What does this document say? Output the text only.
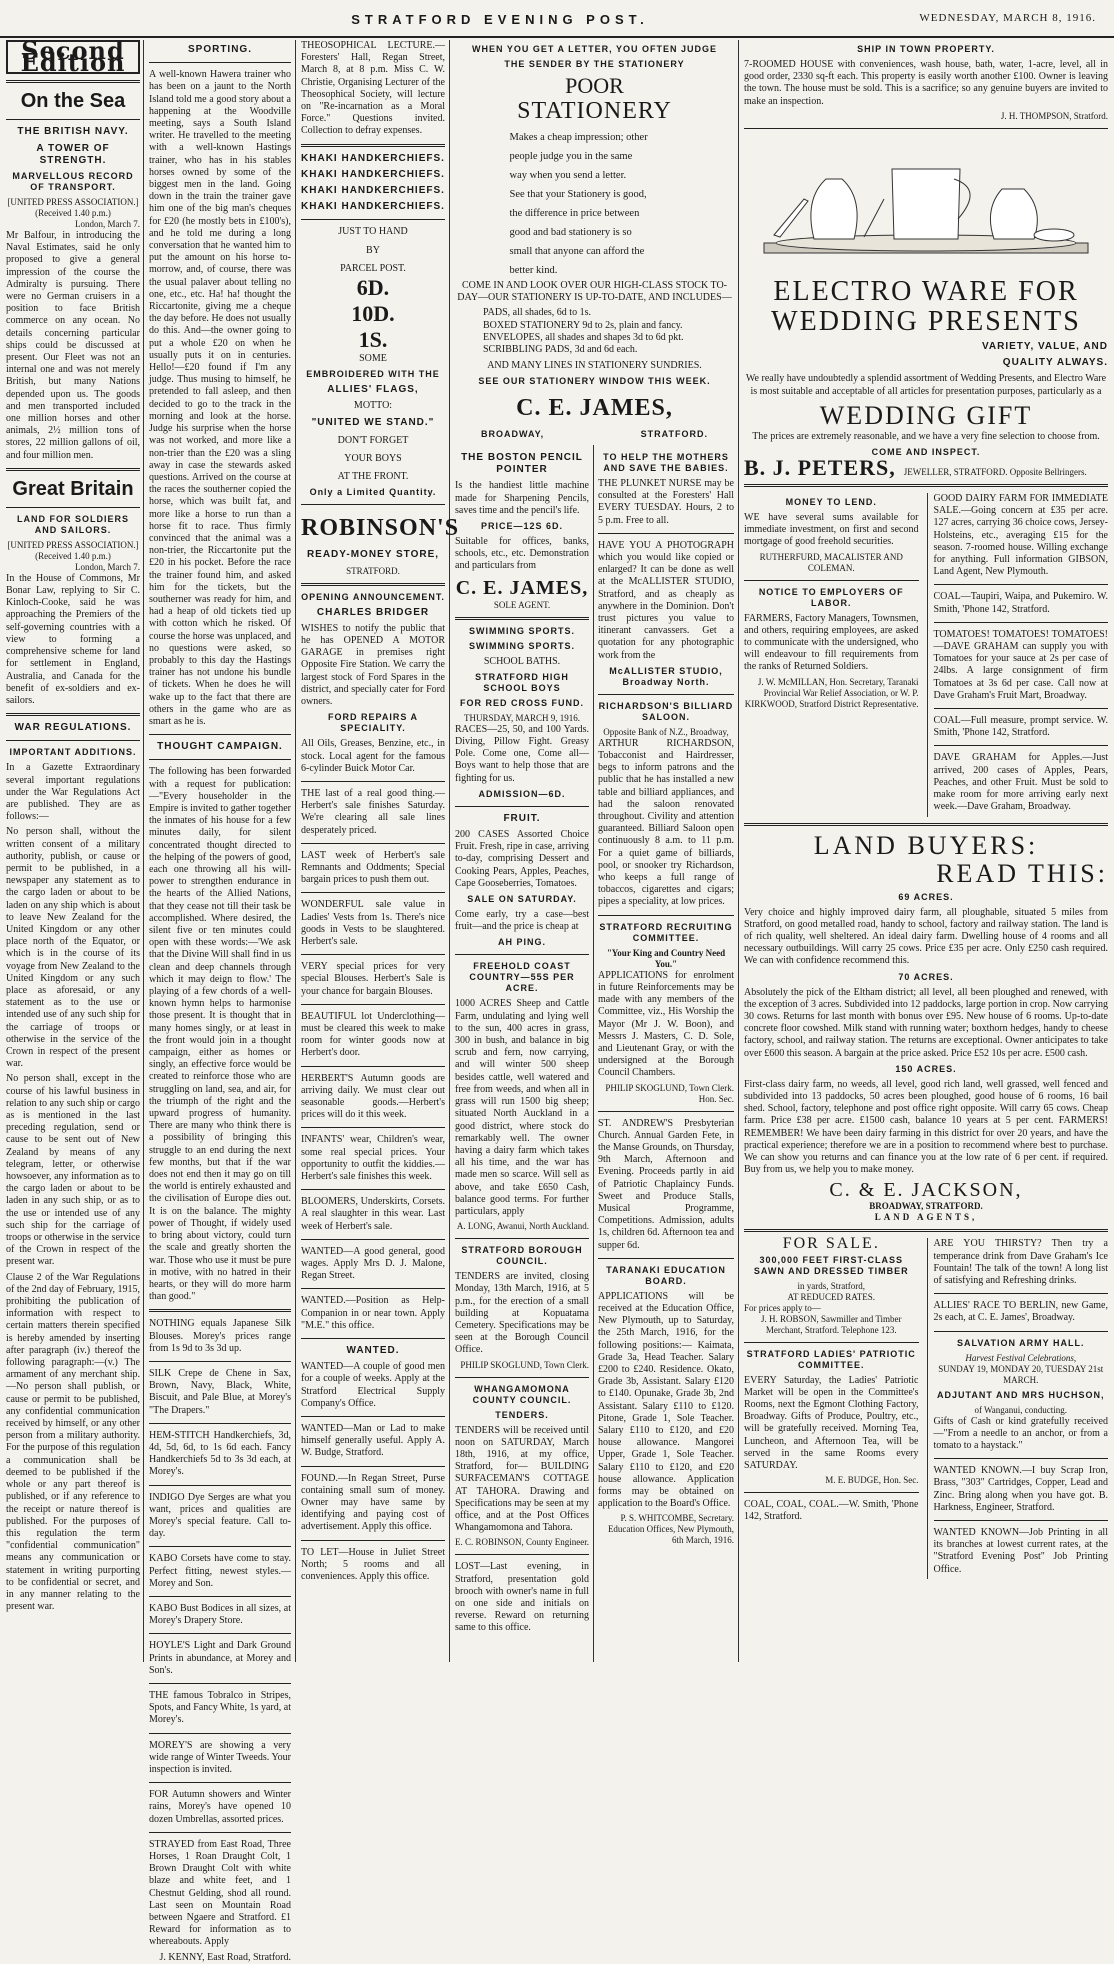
STRATFORD EVENING POST.	WEDNESDAY, MARCH 8, 1916.
Second Edition
On the Sea
THE BRITISH NAVY.
A TOWER OF STRENGTH.
MARVELLOUS RECORD OF TRANSPORT.
[UNITED PRESS ASSOCIATION.]
(Received 1.40 p.m.)
London, March 7.

Mr Balfour, in introducing the Naval Estimates, said he only proposed to give a general impression of the course the Admiralty is pursuing. There were no German cruisers in a position to face British commerce on any ocean. No details concerning particular ships could be discussed at present. Our Fleet was not an internal one and was not merely British, but many Nations depended upon us. The goods and men transported included one million horses and other animals, 2½ million tons of stores, 22 million gallons of oil, and four million men.

Great Britain
LAND FOR SOLDIERS AND SAILORS.
[UNITED PRESS ASSOCIATION.]
(Received 1.40 p.m.)
London, March 7.

In the House of Commons, Mr Bonar Law, replying to Sir C. Kinloch-Cooke, said he was approaching the Premiers of the self-governing countries with a view to forming a comprehensive scheme for land for settlement in England, Australia, and Canada for the benefit of ex-soldiers and ex-sailors.

WAR REGULATIONS.
IMPORTANT ADDITIONS.

In a Gazette Extraordinary several important regulations under the War Regulations Act are published. They are as follows:—

No person shall, without the written consent of a military authority, publish, or cause or permit to be published, in a newspaper any statement as to the cargo laden or about to be laden on any ship which is about to leave New Zealand for the United Kingdom or any other place north of the Equator, or which is in the course of its voyage from New Zealand to the United Kingdom or any such place as aforesaid, or any statement as to the use or intended use of any such ship for the carriage of troops or otherwise in the service of the Crown in respect of the present war.

No person shall, except in the course of his lawful business in relation to any such ship or cargo as is mentioned in the last preceding regulation, send or cause to be sent out of New Zealand by means of any telegram, letter, or otherwise howsoever, any information as to the cargo laden or about to be laden in any such ship, or as to the use or intended use of any such ship for the carriage of troops or otherwise in the service of the Crown in respect of the present war.

Clause 2 of the War Regulations of the 2nd day of February, 1915, prohibiting the publication of information with respect to certain matters therein specified is hereby amended by inserting after paragraph (iv.) thereof the following paragraph:—(v.) The armament of any merchant ship.—No person shall publish, or cause or permit to be published, any confidential communication received by himself, or any other person from a military authority. For the purpose of this regulation a communication shall be deemed to be published if the whole or any part thereof is published, or if any reference to the receipt or nature thereof is published. For the purposes of this regulation the term "confidential communication" means any communication or statement in writing purporting to be confidential or secret, and in any manner relating to the present war.

SPORTING.

A well-known Hawera trainer who has been on a jaunt to the North Island told me a good story about a happening at the Woodville meeting, says a South Island writer. He travelled to the meeting with a well-known Hastings trainer, who has in his stables horses owned by some of the biggest men in the land. Going down in the train the trainer gave him one of the big man's cheques for £20 (he mostly bets in £100's), and he told me during a long conversation that he wanted him to put the amount on his horse to-morrow, and, of course, there was the usual palaver about telling no one, etc., etc. Ha! ha! thought the Riccartonite, giving me a cheque the day before. He does not usually do this. And—the owner going to put a whole £20 on when he usually puts it on in centuries. Hello!—£20 found if I'm any judge. Thus musing to himself, he pretended to fall asleep, and then decided to go to the track in the morning and look at the horse. Judge his surprise when the horse was not worked, and more like a non-trier than the £20 was a sling away in case the stewards asked questions. Arrived on the course at the races the southerner copied the horse, which was built fat, and more like a horse to run than a horse fit to race. Thus firmly convinced that the animal was a non-trier, the Riccartonite put the £20 in his pocket. Before the race the trainer found him, and asked him for the tickets, but the southerner was ready for him, and had a heap of old tickets tied up with cotton which he risked. Of course the horse was unplaced, and no questions were asked, so probably to this day the Hastings trainer has not undone his bundle of tickets. When he does he will wake up to the fact that there are others in the game who are as smart as he is.

THOUGHT CAMPAIGN.

The following has been forwarded with a request for publication:—"Every householder in the Empire is invited to gather together the inmates of his house for a few minutes daily, for silent concentrated thought directed to the helping of the powers of good, each one throwing all his will-power to strengthen endurance in the hearts of the Allied Nations, that they cease not till their task be accomplished. Where desired, the silent five or ten minutes could open with these words:—'We ask that the Divine Will shall find in us clean and deep channels through which it may deign to flow.' The playing of a few chords of a well-known hymn helps to harmonise those present. It is thought that in many homes singly, or at least in the front would join in a thought campaign, either as homes or singly, an effective force would be created to reinforce those who are struggling on land, sea, and air, for the triumph of the right and the upward progress of humanity. There are many who think there is a possibility of bringing this struggle to an end during the next few months, but that if the war does not end then it may go on till the world is entirely exhausted and the civilisation of Europe dies out. It is on the balance. The mighty power of Thought, if widely used to bring about victory, could turn the scale and greatly shorten the war. Those who use it must be pure in motive, with no hatred in their hearts, or they will do more harm than good."

NOTHING equals Japanese Silk Blouses. Morey's prices range from 1s 9d to 3s 3d up.

SILK Crepe de Chene in Sax, Brown, Navy, Black, White, Biscuit, and Pale Blue, at Morey's "The Drapers."

HEM-STITCH Handkerchiefs, 3d, 4d, 5d, 6d, to 1s 6d each. Fancy Handkerchiefs 5d to 3s 3d each, at Morey's.

INDIGO Dye Serges are what you want, prices and qualities are Morey's special feature. Call to-day.

KABO Corsets have come to stay. Perfect fitting, newest styles.—Morey and Son.

KABO Bust Bodices in all sizes, at Morey's Drapery Store.

HOYLE'S Light and Dark Ground Prints in abundance, at Morey and Son's.

THE famous Tobralco in Stripes, Spots, and Fancy White, 1s yard, at Morey's.

MOREY'S are showing a very wide range of Winter Tweeds. Your inspection is invited.

FOR Autumn showers and Winter rains, Morey's have opened 10 dozen Umbrellas, assorted prices.

STRAYED from East Road, Three Horses, 1 Roan Draught Colt, 1 Brown Draught Colt with white blaze and white feet, and 1 Chestnut Gelding, shod all round. Last seen on Mountain Road between Ngaere and Stratford. £1 Reward for information as to whereabouts. Apply

J. KENNY, East Road, Stratford.

THEOSOPHICAL LECTURE.—Foresters' Hall, Regan Street, March 8, at 8 p.m. Miss C. W. Christie, Organising Lecturer of the Theosophical Society, will lecture on "Re-incarnation as a Moral Force." Questions invited. Collection to defray expenses.

KHAKI HANDKERCHIEFS.
KHAKI HANDKERCHIEFS.
KHAKI HANDKERCHIEFS.
KHAKI HANDKERCHIEFS.
JUST TO HAND
BY
PARCEL POST.
6D.
10D.
1S.
SOME
EMBROIDERED WITH THE
ALLIES' FLAGS,
MOTTO:
"UNITED WE STAND."
DON'T FORGET
YOUR BOYS
AT THE FRONT.
Only a Limited Quantity.
ROBINSON'S
READY-MONEY STORE,
STRATFORD.
OPENING ANNOUNCEMENT.
CHARLES BRIDGER

WISHES to notify the public that he has OPENED A MOTOR GARAGE in premises right Opposite Fire Station. We carry the largest stock of Ford Spares in the district, and specially cater for Ford owners.

FORD REPAIRS A SPECIALITY.

All Oils, Greases, Benzine, etc., in stock. Local agent for the famous 6-cylinder Buick Motor Car.

THE last of a real good thing.—Herbert's sale finishes Saturday. We're clearing all sale lines desperately priced.

LAST week of Herbert's sale Remnants and Oddments; Special bargain prices to push them out.

WONDERFUL sale value in Ladies' Vests from 1s. There's nice goods in Vests to be slaughtered. Herbert's sale.

VERY special prices for very special Blouses. Herbert's Sale is your chance for bargain Blouses.

BEAUTIFUL lot Underclothing—must be cleared this week to make room for winter goods now at Herbert's door.

HERBERT'S Autumn goods are arriving daily. We must clear out seasonable goods.—Herbert's prices will do it this week.

INFANTS' wear, Children's wear, some real special prices. Your opportunity to outfit the kiddies.—Herbert's sale finishes this week.

BLOOMERS, Underskirts, Corsets. A real slaughter in this wear. Last week of Herbert's sale.

WANTED—A good general, good wages. Apply Mrs D. J. Malone, Regan Street.

WANTED.—Position as Help-Companion in or near town. Apply "M.E." this office.

WANTED.

WANTED—A couple of good men for a couple of weeks. Apply at the Stratford Electrical Supply Company's Office.

WANTED—Man or Lad to make himself generally useful. Apply A. W. Budge, Stratford.

FOUND.—In Regan Street, Purse containing small sum of money. Owner may have same by identifying and paying cost of advertisement. Apply this office.

TO LET—House in Juliet Street North; 5 rooms and all conveniences. Apply this office.

WHEN YOU GET A LETTER, YOU OFTEN JUDGE
THE SENDER BY THE STATIONERY
POOR
STATIONERY
Makes a cheap impression; other
people judge you in the same
way when you send a letter.
See that your Stationery is good,
the difference in price between
good and bad stationery is so
small that anyone can afford the
better kind.

COME IN AND LOOK OVER OUR HIGH-CLASS STOCK TO-DAY—OUR STATIONERY IS UP-TO-DATE, AND INCLUDES—

PADS, all shades, 6d to 1s.
BOXED STATIONERY 9d to 2s, plain and fancy.
ENVELOPES, all shades and shapes 3d to 6d pkt.
SCRIBBLING PADS, 3d and 6d each.
AND MANY LINES IN STATIONERY SUNDRIES.
SEE OUR STATIONERY WINDOW THIS WEEK.
C. E. JAMES,
BROADWAY,	STRATFORD.
THE BOSTON PENCIL POINTER

Is the handiest little machine made for Sharpening Pencils, saves time and the pencil's life.

PRICE—12S 6D.

Suitable for offices, banks, schools, etc., etc. Demonstration and particulars from

C. E. JAMES,
SOLE AGENT.
SWIMMING SPORTS.
SWIMMING SPORTS.
SCHOOL BATHS.
STRATFORD HIGH SCHOOL BOYS
FOR RED CROSS FUND.
THURSDAY, MARCH 9, 1916.

RACES—25, 50, and 100 Yards. Diving, Pillow Fight. Greasy Pole. Come one, Come all—Boys want to help those that are fighting for us.

ADMISSION—6D.
FRUIT.

200 CASES Assorted Choice Fruit. Fresh, ripe in case, arriving to-day, comprising Dessert and Cooking Pears, Apples, Peaches, Cape Gooseberries, Tomatoes.

SALE ON SATURDAY.

Come early, try a case—best fruit—and the price is cheap at

AH PING.
FREEHOLD COAST COUNTRY—55S PER ACRE.

1000 ACRES Sheep and Cattle Farm, undulating and lying well to the sun, 400 acres in grass, 300 in bush, and balance in big scrub and fern, now carrying, and will winter 500 sheep besides cattle, well watered and free from weeds, and when all in grass will run 1500 big sheep; situated North Auckland in a good district, where stock do remarkably well. The owner having a dairy farm which takes all his time, and the war has made men so scarce. Will sell as above, and take £650 Cash, balance good terms. For further particulars, apply

A. LONG, Awanui, North Auckland.
STRATFORD BOROUGH COUNCIL.

TENDERS are invited, closing Monday, 13th March, 1916, at 5 p.m., for the erection of a small building at Kopuatama Cemetery. Specifications may be seen at the Borough Council Office.

PHILIP SKOGLUND, Town Clerk.
WHANGAMOMONA COUNTY COUNCIL.
TENDERS.

TENDERS will be received until noon on SATURDAY, March 18th, 1916, at my office, Stratford, for— BUILDING SURFACEMAN'S COTTAGE AT TAHORA. Drawing and Specifications may be seen at my office, and at the Post Offices Whangamomona and Tahora.

E. C. ROBINSON, County Engineer.

LOST—Last evening, in Stratford, presentation gold brooch with owner's name in full on one side and initials on reverse. Reward on returning same to this office.

TO HELP THE MOTHERS AND SAVE THE BABIES.

THE PLUNKET NURSE may be consulted at the Foresters' Hall EVERY TUESDAY. Hours, 2 to 5 p.m. Free to all.

HAVE YOU A PHOTOGRAPH which you would like copied or enlarged? It can be done as well at the McALLISTER STUDIO, Stratford, and as cheaply as anywhere in the Dominion. Don't trust pictures you value to itinerant canvassers. Get a quotation for any photographic work from the

McALLISTER STUDIO, Broadway North.
RICHARDSON'S BILLIARD SALOON.
Opposite Bank of N.Z., Broadway,

ARTHUR RICHARDSON, Tobacconist and Hairdresser, begs to inform patrons and the public that he has installed a new table and billiard appliances, and had the saloon renovated throughout. Civility and attention guaranteed. Billiard Saloon open continuously 8 a.m. to 11 p.m. For a quiet game of billiards, pool, or snooker try Richardson, who keeps a full range of tobaccos, cigarettes and cigars; pipes a speciality, at low prices.

STRATFORD RECRUITING COMMITTEE.
"Your King and Country Need You."

APPLICATIONS for enrolment in future Reinforcements may be made with any members of the Committee, viz., His Worship the Mayor (Mr J. W. Boon), and Messrs J. Masters, C. D. Sole, and Lieutenant Gray, or with the undersigned at the Borough Council Chambers.

PHILIP SKOGLUND, Town Clerk. Hon. Sec.

ST. ANDREW'S Presbyterian Church. Annual Garden Fete, in the Manse Grounds, on Thursday, 9th March, Afternoon and Evening. Proceeds partly in aid of Patriotic Chaplaincy Funds. Sweet and Produce Stalls, Musical Programme, Competitions. Admission, adults 1s, children 6d. Afternoon tea and supper 6d.

TARANAKI EDUCATION BOARD.

APPLICATIONS will be received at the Education Office, New Plymouth, up to Saturday, the 25th March, 1916, for the following positions:— Kaimata, Grade 3a, Head Teacher. Salary £200 to £240. Residence. Okato, Grade 3b, Assistant. Salary £120 to £140. Opunake, Grade 3b, 2nd Assistant. Salary £110 to £120. Pitone, Grade 1, Sole Teacher. Salary £110 to £120, and £20 house allowance. Mangorei Upper, Grade 1, Sole Teacher. Salary £110 to £120, and £20 house allowance. Application forms may be obtained on application to the Board's Office.

P. S. WHITCOMBE, Secretary. Education Offices, New Plymouth, 6th March, 1916.
SHIP IN TOWN PROPERTY.

7-ROOMED HOUSE with conveniences, wash house, bath, water, 1-acre, level, all in good order, 2330 sq-ft each. This property is easily worth another £100. Owner is leaving the town. The house must be sold. This is a sacrifice; so any genuine buyers are invited to make an inspection.

J. H. THOMPSON, Stratford.
ELECTRO WARE FOR
WEDDING PRESENTS
VARIETY, VALUE, AND
QUALITY ALWAYS.

We really have undoubtedly a splendid assortment of Wedding Presents, and Electro Ware is most suitable and acceptable of all articles for presentation purposes, particularly as a

WEDDING GIFT

The prices are extremely reasonable, and we have a very fine selection to choose from.

COME AND INSPECT.
B. J. PETERS, JEWELLER, STRATFORD. Opposite Bellringers.
MONEY TO LEND.

WE have several sums available for immediate investment, on first and second mortgage of good freehold securities.

RUTHERFURD, MACALISTER AND COLEMAN.
NOTICE TO EMPLOYERS OF LABOR.

FARMERS, Factory Managers, Townsmen, and others, requiring employees, are asked to communicate with the undersigned, who will endeavour to fill requirements from the ranks of Returned Soldiers.

J. W. McMILLAN, Hon. Secretary, Taranaki Provincial War Relief Association, or W. P. KIRKWOOD, Stratford District Representative.

GOOD DAIRY FARM FOR IMMEDIATE SALE.—Going concern at £35 per acre. 127 acres, carrying 36 choice cows, Jersey-Holsteins, etc., averaging £15 for the season. 7-roomed house. Willing exchange for anything. Full information GIBSON, Land Agent, New Plymouth.

COAL—Taupiri, Waipa, and Pukemiro. W. Smith, 'Phone 142, Stratford.

TOMATOES! TOMATOES! TOMATOES!—DAVE GRAHAM can supply you with Tomatoes for your sauce at 2s per case of 24lbs. A large consignment of firm Tomatoes at 3s 6d per case. Call now at Dave Graham's Fruit Mart, Broadway.

COAL—Full measure, prompt service. W. Smith, 'Phone 142, Stratford.

DAVE GRAHAM for Apples.—Just arrived, 200 cases of Apples, Pears, Peaches, and other Fruit. Must be sold to make room for more arriving early next week.—Dave Graham, Broadway.

LAND BUYERS:
READ THIS:
69 ACRES.

Very choice and highly improved dairy farm, all ploughable, situated 5 miles from Stratford, on good metalled road, handy to school, factory and railway station. The land is of rich quality, well sheltered. An ideal dairy farm. Dwelling house of 4 rooms and all necessary outbuildings. Will carry 25 cows. Price £35 per acre. Only £250 cash required. We can with confidence recommend this.

70 ACRES.

Absolutely the pick of the Eltham district; all level, all been ploughed and renewed, with the exception of 3 acres. Subdivided into 12 paddocks, large portion in crop. Now carrying 30 cows. Returns for last month with bonus over £95. New house of 6 rooms. Up-to-date concrete floor cowshed. Milk stand with running water; boxthorn hedges, handy to cheese factory, school, and railway station. The returns are exceptional. Owner anticipates to take over £600 this season. A bargain at the price asked. Price £52 10s per acre. £500 cash.

150 ACRES.

First-class dairy farm, no weeds, all level, good rich land, well grassed, well fenced and subdivided into 13 paddocks, 50 acres been ploughed, good house of 6 rooms, 16 bail shed. School, factory, telephone and post office right opposite. Will carry 65 cows. Cheap farm. Price £38 per acre. £1500 cash, balance 10 years at 5 per cent. FARMERS! REMEMBER! We have been dairy farming in this district for over 20 years, and have the practical experience; therefore we are in a position to recommend where best to purchase. We can show you returns and can finance you at the low rate of 6 per cent. if required. Buy from us, we help you to make money.

C. & E. JACKSON,
BROADWAY, STRATFORD.
LAND AGENTS,
FOR SALE.
300,000 FEET FIRST-CLASS SAWN AND DRESSED TIMBER
in yards, Stratford,
AT REDUCED RATES.
For prices apply to—
J. H. ROBSON, Sawmiller and Timber Merchant, Stratford. Telephone 123.
STRATFORD LADIES' PATRIOTIC COMMITTEE.

EVERY Saturday, the Ladies' Patriotic Market will be open in the Committee's Rooms, next the Egmont Clothing Factory, Broadway. Gifts of Produce, Poultry, etc., will be gratefully received. Morning Tea, Luncheon, and Afternoon Tea, will be served in the same Rooms every SATURDAY.

M. E. BUDGE, Hon. Sec.

COAL, COAL, COAL.—W. Smith, 'Phone 142, Stratford.

ARE YOU THIRSTY? Then try a temperance drink from Dave Graham's Ice Fountain! The talk of the town! A long list of satisfying and Refreshing drinks.

ALLIES' RACE TO BERLIN, new Game, 2s each, at C. E. James', Broadway.

SALVATION ARMY HALL.
Harvest Festival Celebrations,
SUNDAY 19, MONDAY 20, TUESDAY 21st MARCH.
ADJUTANT AND MRS HUCHSON,
of Wanganui, conducting.

Gifts of Cash or kind gratefully received—"From a needle to an anchor, or from a tomato to a haystack."

WANTED KNOWN.—I buy Scrap Iron, Brass, "303" Cartridges, Copper, Lead and Zinc. Bring along when you have got. B. Harkness, Engineer, Stratford.

WANTED KNOWN—Job Printing in all its branches at lowest current rates, at the "Stratford Evening Post" Job Printing Office.
